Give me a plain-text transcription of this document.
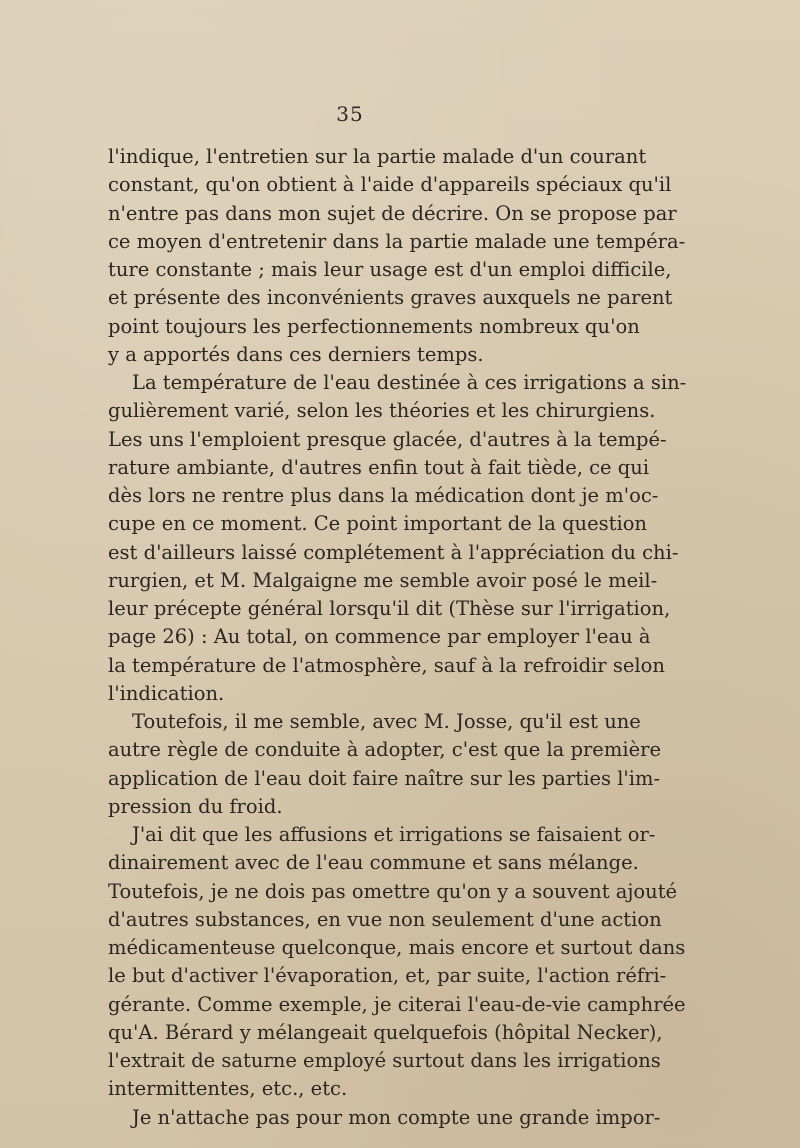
35
l'indique, l'entretien sur la partie malade d'un courant
constant, qu'on obtient à l'aide d'appareils spéciaux qu'il
n'entre pas dans mon sujet de décrire. On se propose par
ce moyen d'entretenir dans la partie malade une tempéra-
ture constante ; mais leur usage est d'un emploi difficile,
et présente des inconvénients graves auxquels ne parent
point toujours les perfectionnements nombreux qu'on
y a apportés dans ces derniers temps.
La température de l'eau destinée à ces irrigations a sin-
gulièrement varié, selon les théories et les chirurgiens.
Les uns l'emploient presque glacée, d'autres à la tempé-
rature ambiante, d'autres enfin tout à fait tiède, ce qui
dès lors ne rentre plus dans la médication dont je m'oc-
cupe en ce moment. Ce point important de la question
est d'ailleurs laissé complétement à l'appréciation du chi-
rurgien, et M. Malgaigne me semble avoir posé le meil-
leur précepte général lorsqu'il dit (Thèse sur l'irrigation,
page 26) : Au total, on commence par employer l'eau à
la température de l'atmosphère, sauf à la refroidir selon
l'indication.
Toutefois, il me semble, avec M. Josse, qu'il est une
autre règle de conduite à adopter, c'est que la première
application de l'eau doit faire naître sur les parties l'im-
pression du froid.
J'ai dit que les affusions et irrigations se faisaient or-
dinairement avec de l'eau commune et sans mélange.
Toutefois, je ne dois pas omettre qu'on y a souvent ajouté
d'autres substances, en vue non seulement d'une action
médicamenteuse quelconque, mais encore et surtout dans
le but d'activer l'évaporation, et, par suite, l'action réfri-
gérante. Comme exemple, je citerai l'eau-de-vie camphrée
qu'A. Bérard y mélangeait quelquefois (hôpital Necker),
l'extrait de saturne employé surtout dans les irrigations
intermittentes, etc., etc.
Je n'attache pas pour mon compte une grande impor-
